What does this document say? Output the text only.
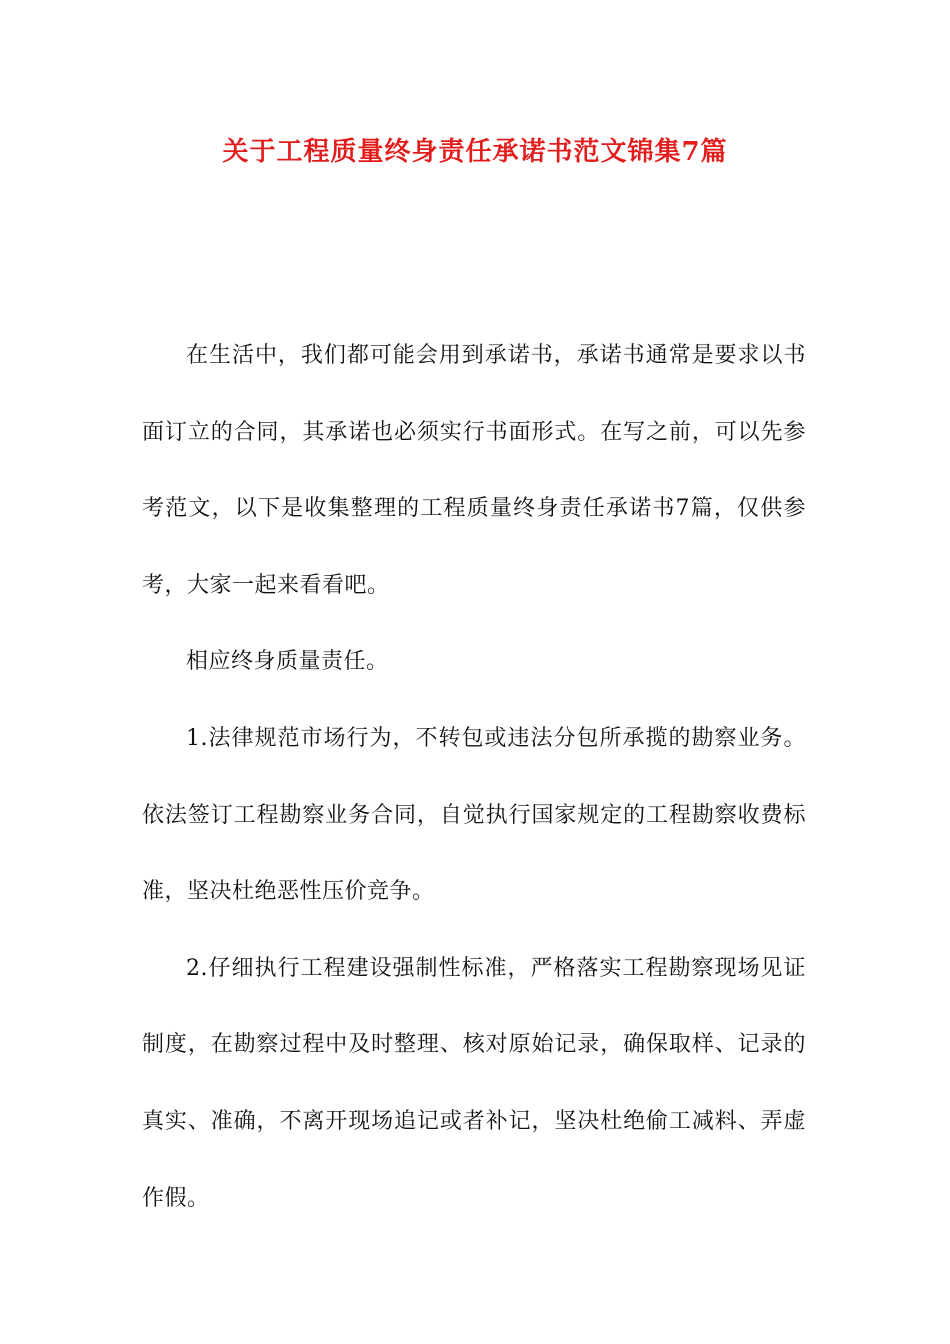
关于工程质量终身责任承诺书范文锦集7篇

在生活中，我们都可能会用到承诺书，承诺书通常是要求以书面订立的合同，其承诺也必须实行书面形式。在写之前，可以先参考范文，以下是收集整理的工程质量终身责任承诺书7篇，仅供参考，大家一起来看看吧。

相应终身质量责任。

1.法律规范市场行为，不转包或违法分包所承揽的勘察业务。依法签订工程勘察业务合同，自觉执行国家规定的工程勘察收费标准，坚决杜绝恶性压价竞争。

2.仔细执行工程建设强制性标准，严格落实工程勘察现场见证制度，在勘察过程中及时整理、核对原始记录，确保取样、记录的真实、准确，不离开现场追记或者补记，坚决杜绝偷工减料、弄虚作假。
